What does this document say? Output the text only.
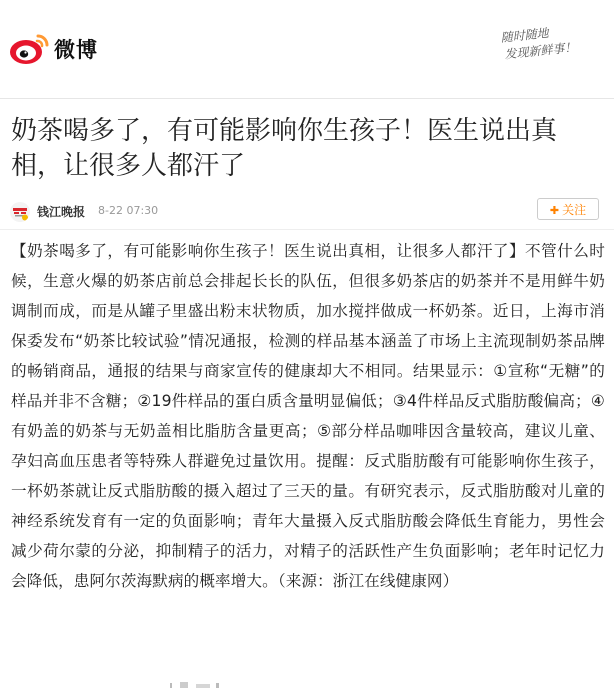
微博
随时随地
发现新鲜事！
奶茶喝多了，有可能影响你生孩子！医生说出真相，让很多人都汗了
钱江晚报 8-22 07:30	✚ 关注

【奶茶喝多了，有可能影响你生孩子！医生说出真相，让很多人都汗了】不管什么时候，生意火爆的奶茶店前总会排起长长的队伍，但很多奶茶店的奶茶并不是用鲜牛奶调制而成，而是从罐子里盛出粉末状物质，加水搅拌做成一杯奶茶。近日，上海市消保委发布“奶茶比较试验”情况通报，检测的样品基本涵盖了市场上主流现制奶茶品牌的畅销商品，通报的结果与商家宣传的健康却大不相同。结果显示：①宣称“无糖”的样品并非不含糖；②19件样品的蛋白质含量明显偏低；③4件样品反式脂肪酸偏高；④有奶盖的奶茶与无奶盖相比脂肪含量更高；⑤部分样品咖啡因含量较高，建议儿童、孕妇高血压患者等特殊人群避免过量饮用。提醒：反式脂肪酸有可能影响你生孩子，一杯奶茶就让反式脂肪酸的摄入超过了三天的量。有研究表示，反式脂肪酸对儿童的神经系统发育有一定的负面影响；青年大量摄入反式脂肪酸会降低生育能力，男性会减少荷尔蒙的分泌，抑制精子的活力，对精子的活跃性产生负面影响；老年时记忆力会降低，患阿尔茨海默病的概率增大。（来源：浙江在线健康网）
